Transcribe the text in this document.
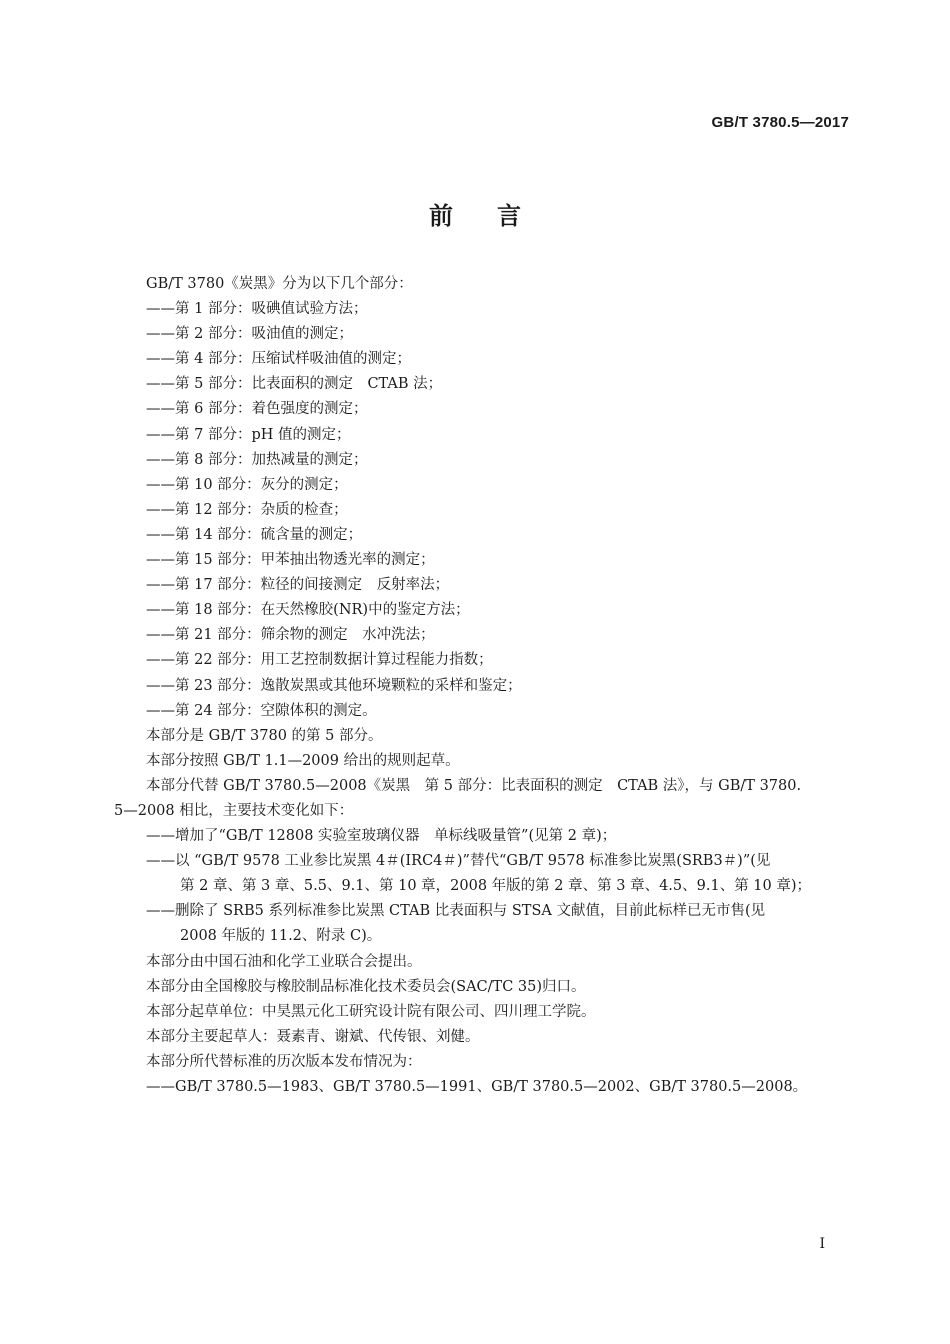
GB/T 3780.5—2017
前言
GB/T 3780《炭黑》分为以下几个部分：
——第 1 部分：吸碘值试验方法；
——第 2 部分：吸油值的测定；
——第 4 部分：压缩试样吸油值的测定；
——第 5 部分：比表面积的测定　CTAB 法；
——第 6 部分：着色强度的测定；
——第 7 部分：pH 值的测定；
——第 8 部分：加热减量的测定；
——第 10 部分：灰分的测定；
——第 12 部分：杂质的检查；
——第 14 部分：硫含量的测定；
——第 15 部分：甲苯抽出物透光率的测定；
——第 17 部分：粒径的间接测定　反射率法；
——第 18 部分：在天然橡胶(NR)中的鉴定方法；
——第 21 部分：筛余物的测定　水冲洗法；
——第 22 部分：用工艺控制数据计算过程能力指数；
——第 23 部分：逸散炭黑或其他环境颗粒的采样和鉴定；
——第 24 部分：空隙体积的测定。
本部分是 GB/T 3780 的第 5 部分。
本部分按照 GB/T 1.1—2009 给出的规则起草。
本部分代替 GB/T 3780.5—2008《炭黑　第 5 部分：比表面积的测定　CTAB 法》，与 GB/T 3780.
5—2008 相比，主要技术变化如下：
——增加了“GB/T 12808 实验室玻璃仪器　单标线吸量管”(见第 2 章)；
——以 “GB/T 9578 工业参比炭黑 4＃(IRC4＃)”替代“GB/T 9578 标准参比炭黑(SRB3＃)”(见
第 2 章、第 3 章、5.5、9.1、第 10 章，2008 年版的第 2 章、第 3 章、4.5、9.1、第 10 章)；
——删除了 SRB5 系列标准参比炭黑 CTAB 比表面积与 STSA 文献值，目前此标样已无市售(见
2008 年版的 11.2、附录 C)。
本部分由中国石油和化学工业联合会提出。
本部分由全国橡胶与橡胶制品标准化技术委员会(SAC/TC 35)归口。
本部分起草单位：中昊黑元化工研究设计院有限公司、四川理工学院。
本部分主要起草人：聂素青、谢斌、代传银、刘健。
本部分所代替标准的历次版本发布情况为：
——GB/T 3780.5—1983、GB/T 3780.5—1991、GB/T 3780.5—2002、GB/T 3780.5—2008。
I
